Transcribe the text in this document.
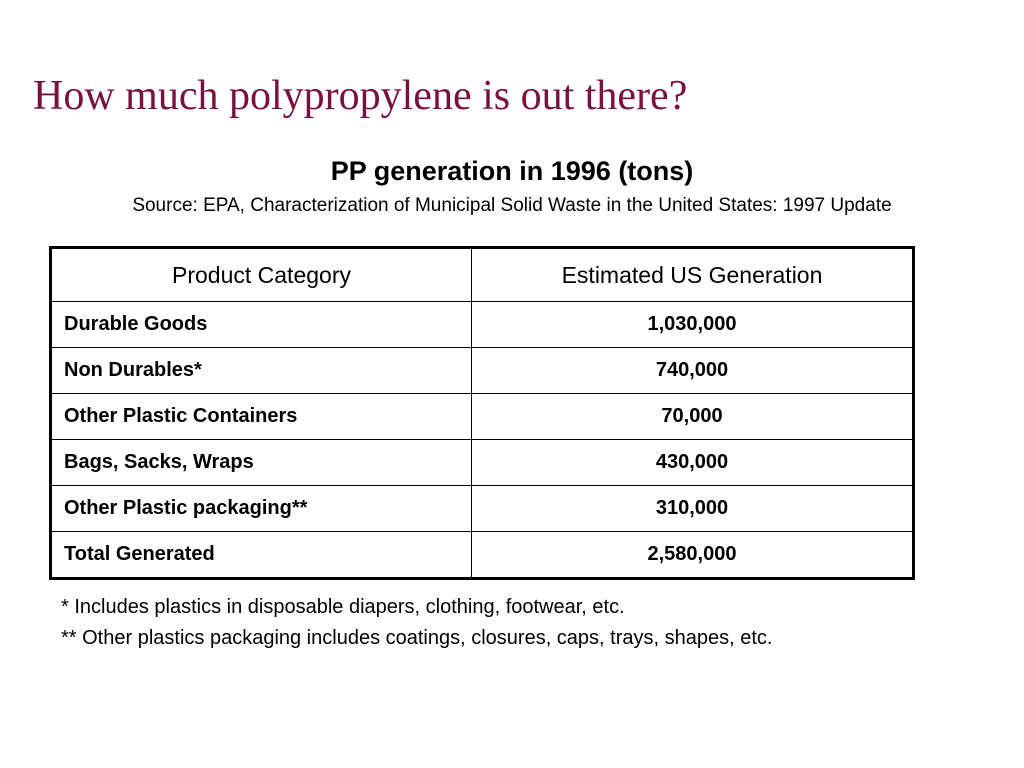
How much polypropylene is out there?
PP generation in 1996 (tons)
Source: EPA, Characterization of Municipal Solid Waste in the United States: 1997 Update
Product Category	Estimated US Generation
Durable Goods	1,030,000
Non Durables*	740,000
Other Plastic Containers	70,000
Bags, Sacks, Wraps	430,000
Other Plastic packaging**	310,000
Total Generated	2,580,000
* Includes plastics in disposable diapers, clothing, footwear, etc.
** Other plastics packaging includes coatings, closures, caps, trays, shapes, etc.
